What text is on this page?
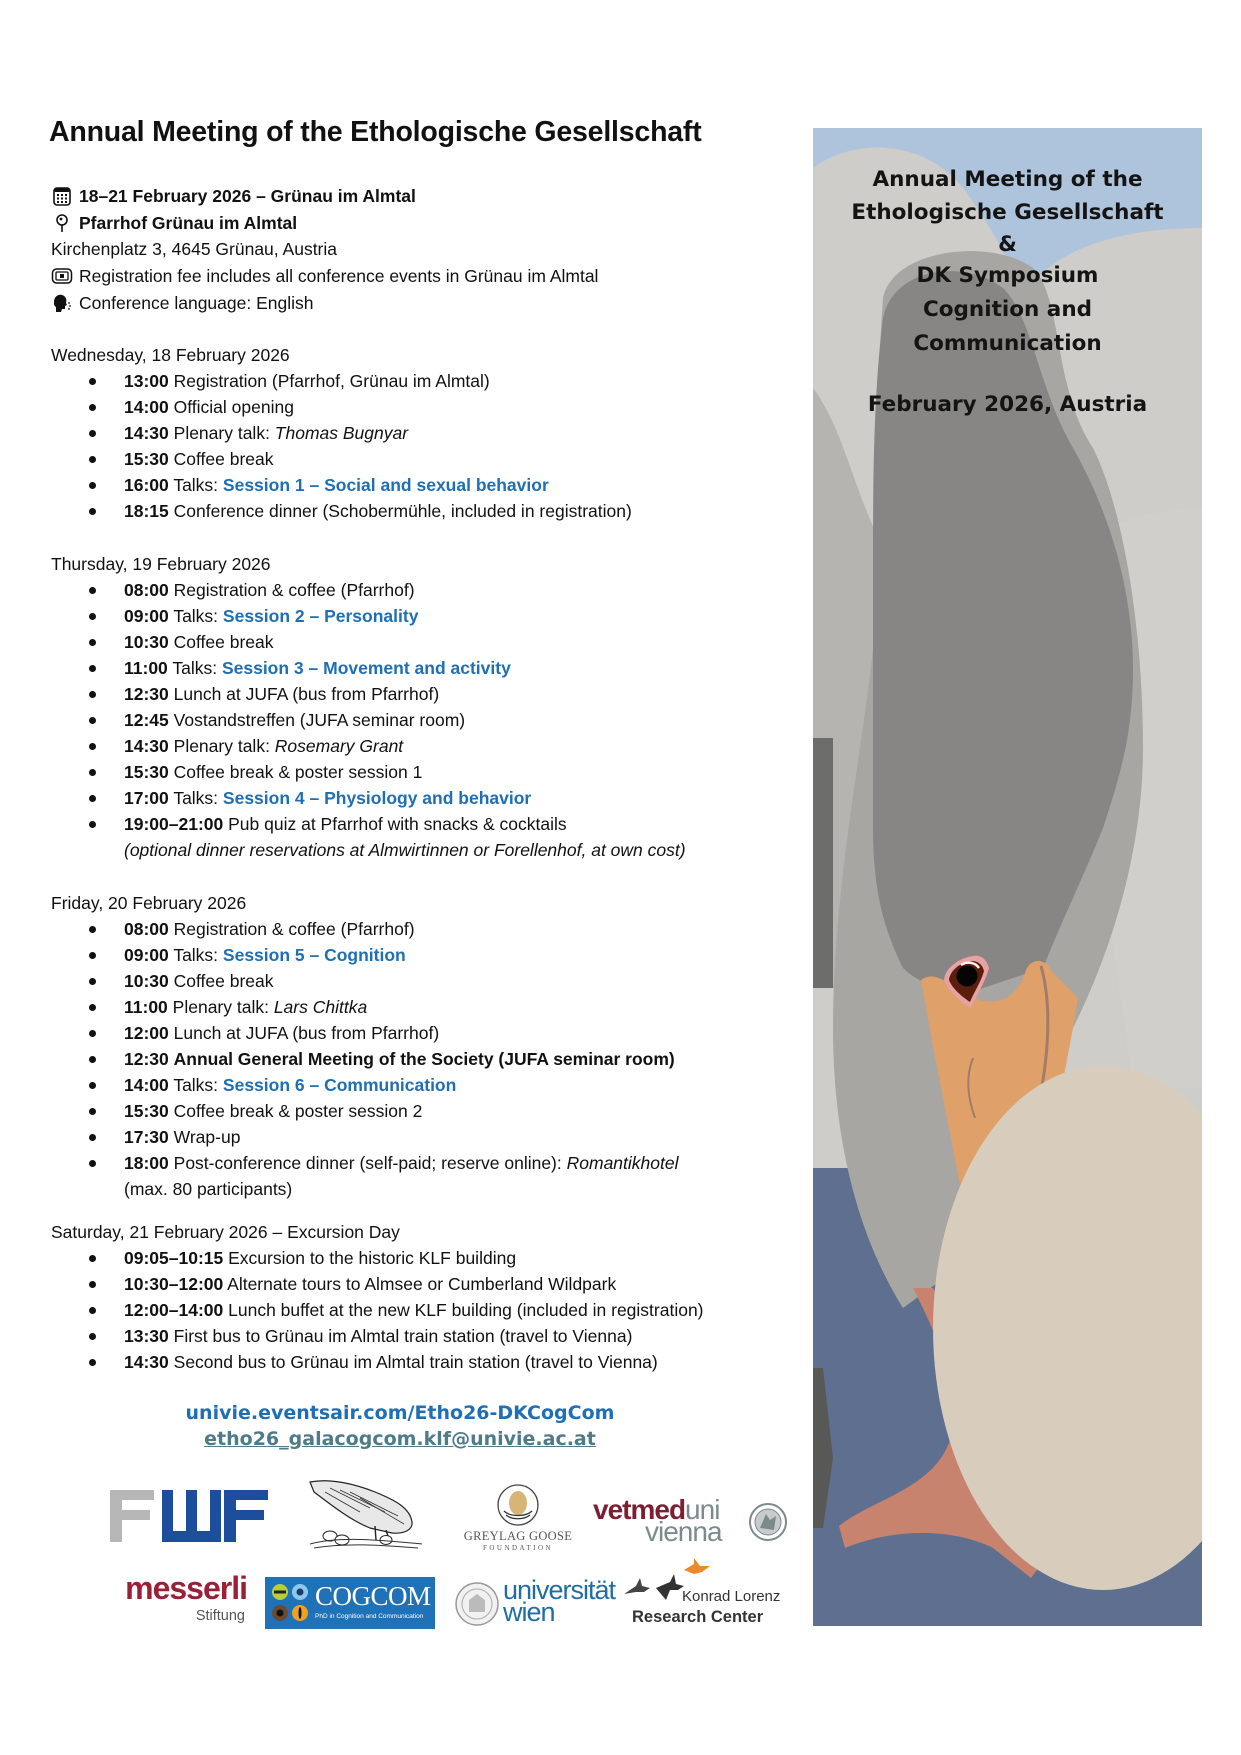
Annual Meeting of the Ethologische Gesellschaft
18–21 February 2026 – Grünau im Almtal
Pfarrhof Grünau im Almtal
Kirchenplatz 3, 4645 Grünau, Austria
Registration fee includes all conference events in Grünau im Almtal
Conference language: English
Wednesday, 18 February 2026
13:00 Registration (Pfarrhof, Grünau im Almtal)
14:00 Official opening
14:30 Plenary talk: Thomas Bugnyar
15:30 Coffee break
16:00 Talks: Session 1 – Social and sexual behavior
18:15 Conference dinner (Schobermühle, included in registration)
Thursday, 19 February 2026
08:00 Registration & coffee (Pfarrhof)
09:00 Talks: Session 2 – Personality
10:30 Coffee break
11:00 Talks: Session 3 – Movement and activity
12:30 Lunch at JUFA (bus from Pfarrhof)
12:45 Vostandstreffen (JUFA seminar room)
14:30 Plenary talk: Rosemary Grant
15:30 Coffee break & poster session 1
17:00 Talks: Session 4 – Physiology and behavior
19:00–21:00 Pub quiz at Pfarrhof with snacks & cocktails
(optional dinner reservations at Almwirtinnen or Forellenhof, at own cost)
Friday, 20 February 2026
08:00 Registration & coffee (Pfarrhof)
09:00 Talks: Session 5 – Cognition
10:30 Coffee break
11:00 Plenary talk: Lars Chittka
12:00 Lunch at JUFA (bus from Pfarrhof)
12:30 Annual General Meeting of the Society (JUFA seminar room)
14:00 Talks: Session 6 – Communication
15:30 Coffee break & poster session 2
17:30 Wrap-up
18:00 Post-conference dinner (self-paid; reserve online): Romantikhotel
(max. 80 participants)
Saturday, 21 February 2026 – Excursion Day
09:05–10:15 Excursion to the historic KLF building
10:30–12:00 Alternate tours to Almsee or Cumberland Wildpark
12:00–14:00 Lunch buffet at the new KLF building (included in registration)
13:30 First bus to Grünau im Almtal train station (travel to Vienna)
14:30 Second bus to Grünau im Almtal train station (travel to Vienna)
univie.eventsair.com/Etho26-DKCogCom
etho26_galacogcom.klf@univie.ac.at
GREYLAG GOOSE
FOUNDATION
vetmeduni
vienna
messerli
Stiftung
COGCOM
PhD in Cognition and Communication
universität
wien
Konrad Lorenz
Research Center
Annual Meeting of the
Ethologische Gesellschaft
&
DK Symposium
Cognition and
Communication
February 2026, Austria
